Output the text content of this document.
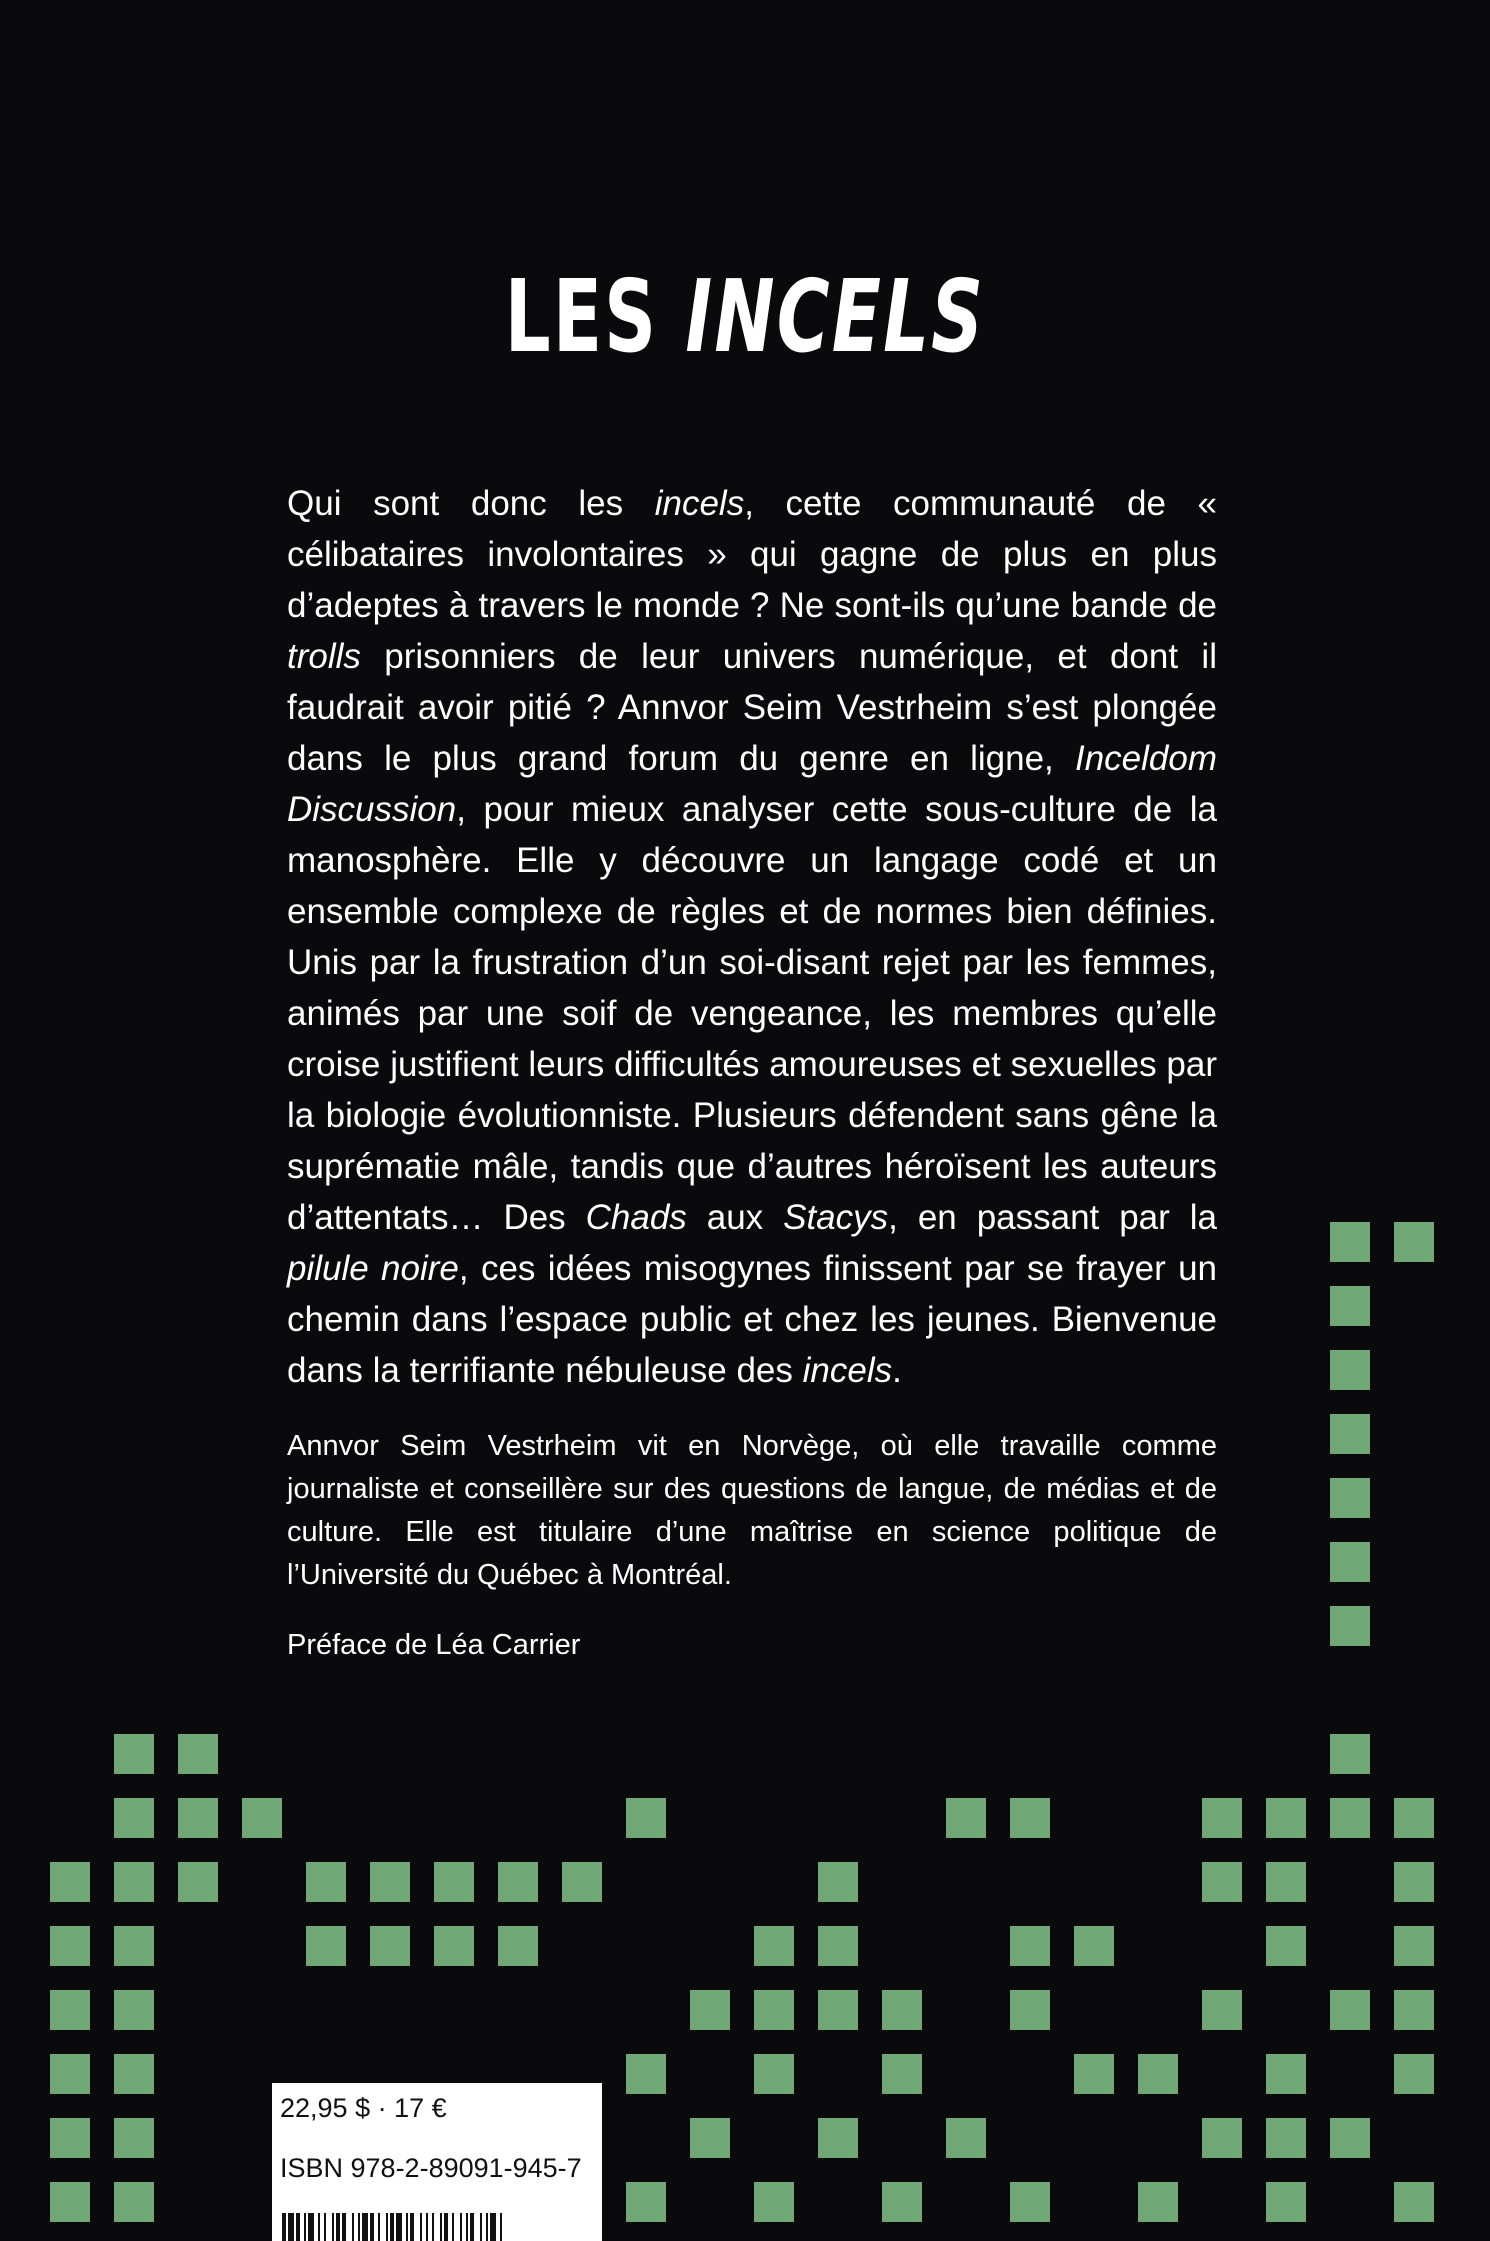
LES INCELS

Qui sont donc les incels, cette communauté de « célibataires involontaires » qui gagne de plus en plus d’adeptes à travers le monde ? Ne sont-ils qu’une bande de trolls prisonniers de leur univers numérique, et dont il faudrait avoir pitié ? Annvor Seim Vestrheim s’est plongée dans le plus grand forum du genre en ligne, Inceldom Discussion, pour mieux analyser cette sous-culture de la manosphère. Elle y découvre un langage codé et un ensemble complexe de règles et de normes bien définies. Unis par la frustration d’un soi-disant rejet par les femmes, animés par une soif de vengeance, les membres qu’elle croise justifient leurs difficultés amoureuses et sexuelles par la biologie évolutionniste. Plusieurs défendent sans gêne la suprématie mâle, tandis que d’autres héroïsent les auteurs d’attentats… Des Chads aux Stacys, en passant par la pilule noire, ces idées misogynes finissent par se frayer un chemin dans l’espace public et chez les jeunes. Bienvenue dans la terrifiante nébuleuse des incels.

Annvor Seim Vestrheim vit en Norvège, où elle travaille comme journaliste et conseillère sur des questions de langue, de médias et de culture. Elle est titulaire d’une maîtrise en science politique de l’Université du Québec à Montréal.

Préface de Léa Carrier

22,95 $ · 17 €
ISBN 978-2-89091-945-7
